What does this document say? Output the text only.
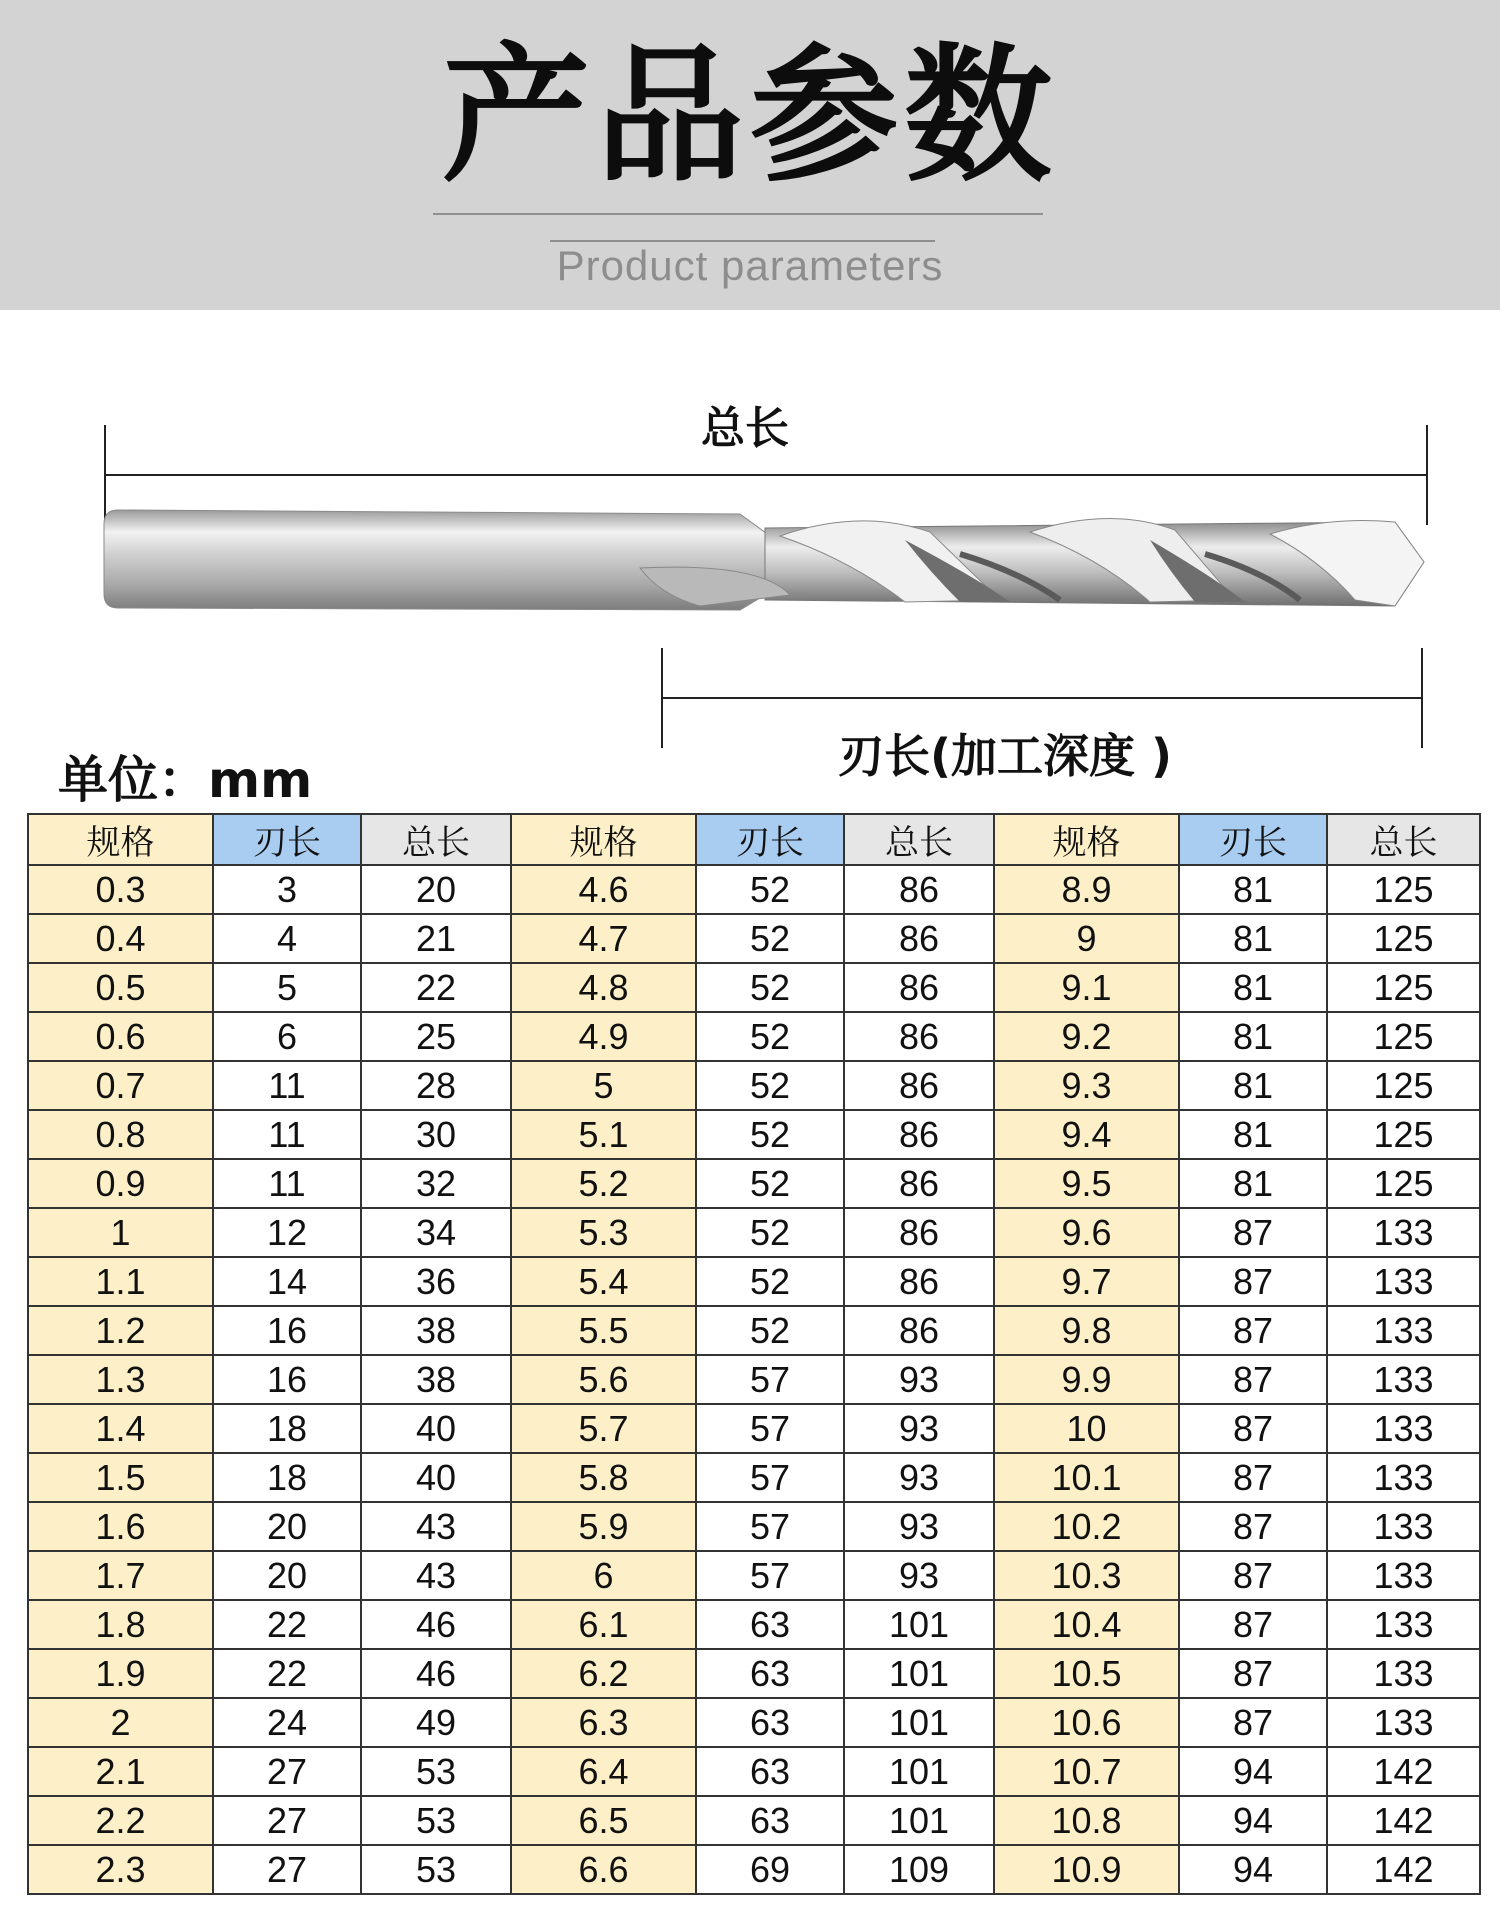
产品参数
Product parameters
总长
刃长(加工深度 )
单位：mm
规格	刃长	总长	规格	刃长	总长	规格	刃长	总长
0.3	3	20	4.6	52	86	8.9	81	125
0.4	4	21	4.7	52	86	9	81	125
0.5	5	22	4.8	52	86	9.1	81	125
0.6	6	25	4.9	52	86	9.2	81	125
0.7	11	28	5	52	86	9.3	81	125
0.8	11	30	5.1	52	86	9.4	81	125
0.9	11	32	5.2	52	86	9.5	81	125
1	12	34	5.3	52	86	9.6	87	133
1.1	14	36	5.4	52	86	9.7	87	133
1.2	16	38	5.5	52	86	9.8	87	133
1.3	16	38	5.6	57	93	9.9	87	133
1.4	18	40	5.7	57	93	10	87	133
1.5	18	40	5.8	57	93	10.1	87	133
1.6	20	43	5.9	57	93	10.2	87	133
1.7	20	43	6	57	93	10.3	87	133
1.8	22	46	6.1	63	101	10.4	87	133
1.9	22	46	6.2	63	101	10.5	87	133
2	24	49	6.3	63	101	10.6	87	133
2.1	27	53	6.4	63	101	10.7	94	142
2.2	27	53	6.5	63	101	10.8	94	142
2.3	27	53	6.6	69	109	10.9	94	142
